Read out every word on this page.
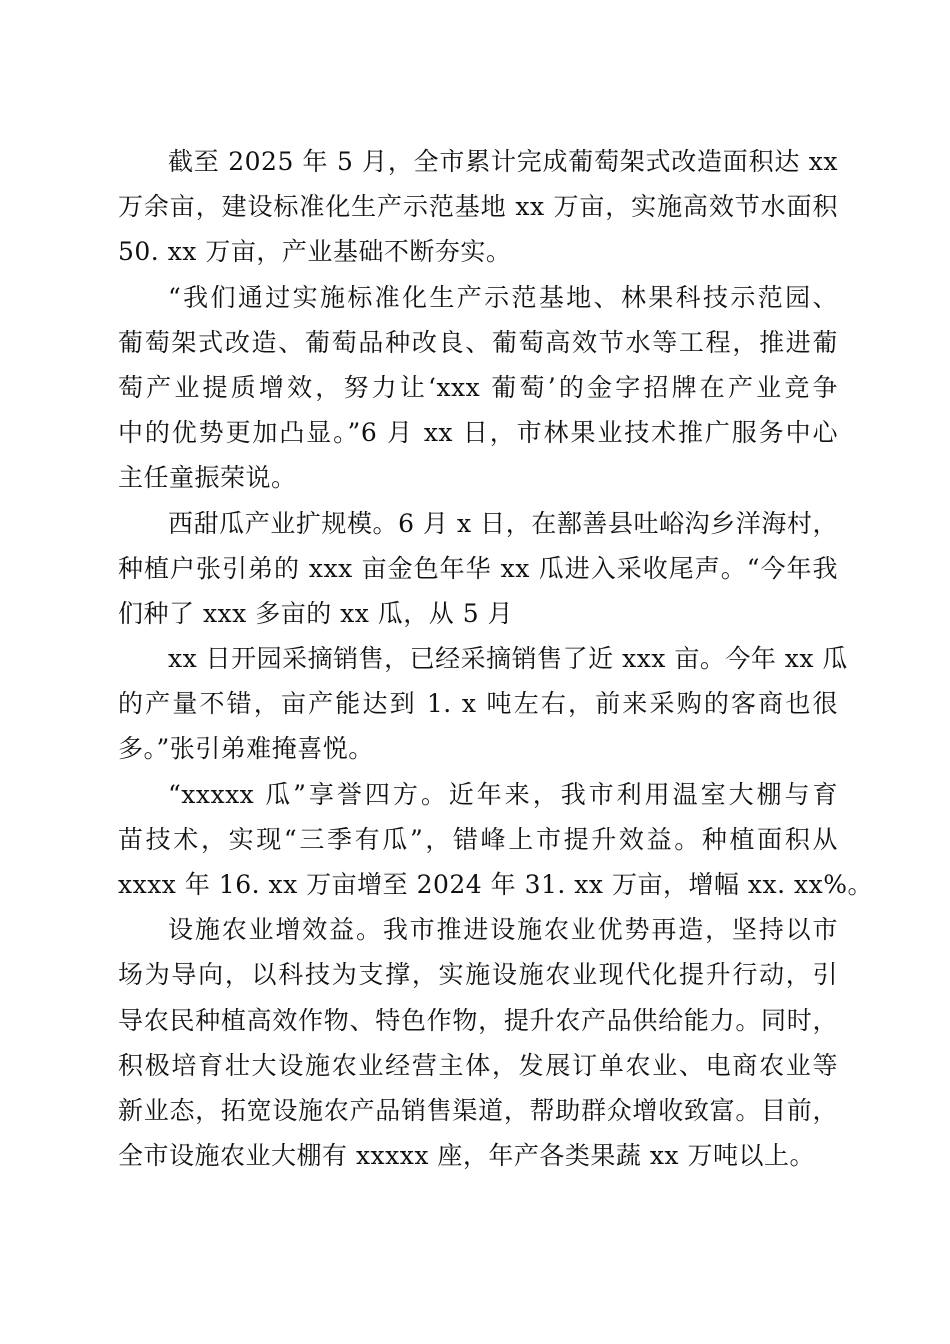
截至 2025 年 5 月，全市累计完成葡萄架式改造面积达 xx
万余亩，建设标准化生产示范基地 xx 万亩，实施高效节水面积
50. xx 万亩，产业基础不断夯实。
“我们通过实施标准化生产示范基地、林果科技示范园、
葡萄架式改造、葡萄品种改良、葡萄高效节水等工程，推进葡
萄产业提质增效，努力让‘xxx 葡萄’的金字招牌在产业竞争
中的优势更加凸显。”6 月 xx 日，市林果业技术推广服务中心
主任童振荣说。
西甜瓜产业扩规模。6 月 x 日，在鄯善县吐峪沟乡洋海村，
种植户张引弟的 xxx 亩金色年华 xx 瓜进入采收尾声。“今年我
们种了 xxx 多亩的 xx 瓜，从 5 月
xx 日开园采摘销售，已经采摘销售了近 xxx 亩。今年 xx 瓜
的产量不错，亩产能达到 1. x 吨左右，前来采购的客商也很
多。”张引弟难掩喜悦。
“xxxxx 瓜”享誉四方。近年来，我市利用温室大棚与育
苗技术，实现“三季有瓜”，错峰上市提升效益。种植面积从
xxxx 年 16. xx 万亩增至 2024 年 31. xx 万亩，增幅 xx. xx%。
设施农业增效益。我市推进设施农业优势再造，坚持以市
场为导向，以科技为支撑，实施设施农业现代化提升行动，引
导农民种植高效作物、特色作物，提升农产品供给能力。同时，
积极培育壮大设施农业经营主体，发展订单农业、电商农业等
新业态，拓宽设施农产品销售渠道，帮助群众增收致富。目前，
全市设施农业大棚有 xxxxx 座，年产各类果蔬 xx 万吨以上。
